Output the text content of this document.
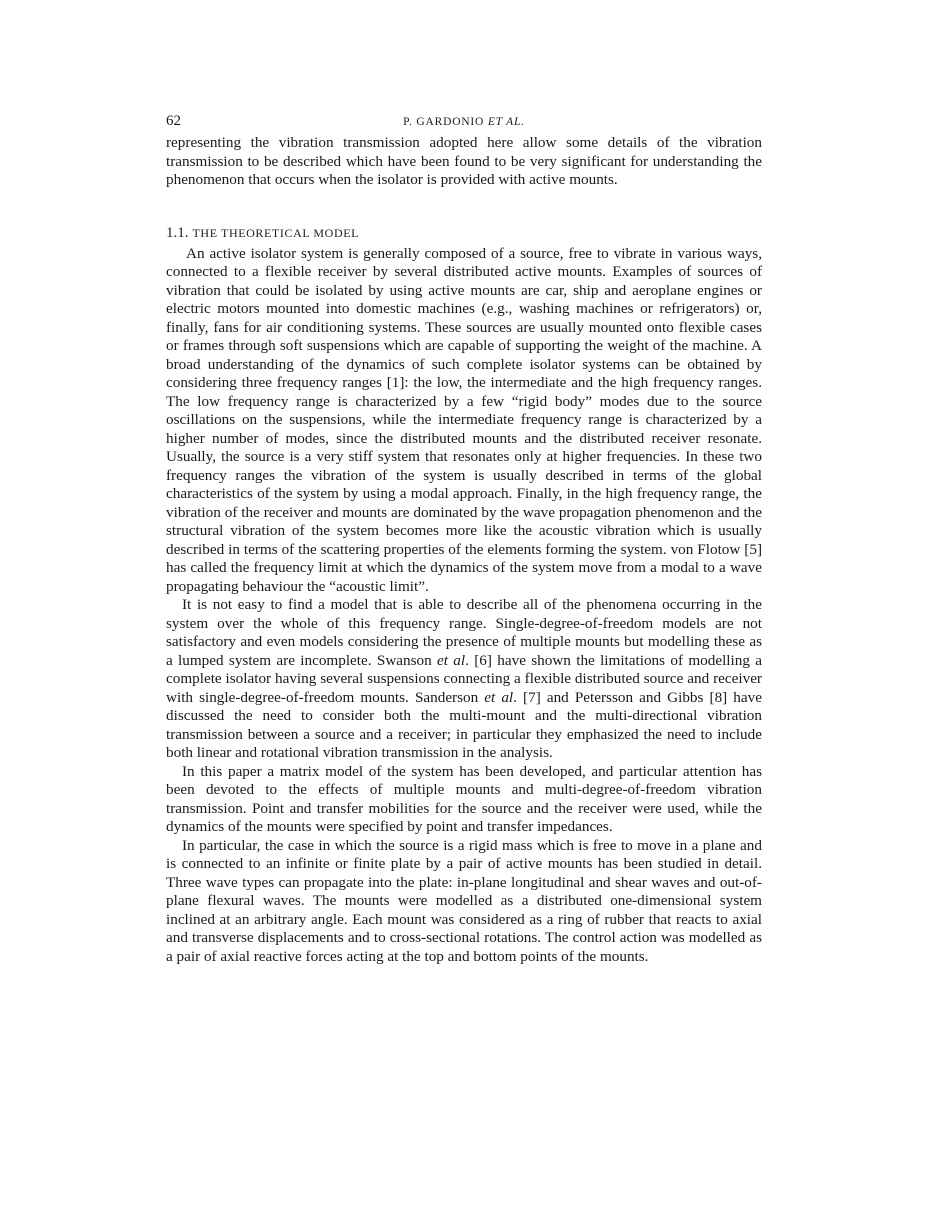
62	P. GARDONIO ET AL.

representing the vibration transmission adopted here allow some details of the vibration transmission to be described which have been found to be very significant for understanding the phenomenon that occurs when the isolator is provided with active mounts.

1.1. THE THEORETICAL MODEL

An active isolator system is generally composed of a source, free to vibrate in various ways, connected to a flexible receiver by several distributed active mounts. Examples of sources of vibration that could be isolated by using active mounts are car, ship and aeroplane engines or electric motors mounted into domestic machines (e.g., washing machines or refrigerators) or, finally, fans for air conditioning systems. These sources are usually mounted onto flexible cases or frames through soft suspensions which are capable of supporting the weight of the machine. A broad understanding of the dynamics of such complete isolator systems can be obtained by considering three frequency ranges [1]: the low, the intermediate and the high frequency ranges. The low frequency range is characterized by a few “rigid body” modes due to the source oscillations on the suspensions, while the intermediate frequency range is characterized by a higher number of modes, since the distributed mounts and the distributed receiver resonate. Usually, the source is a very stiff system that resonates only at higher frequencies. In these two frequency ranges the vibration of the system is usually described in terms of the global characteristics of the system by using a modal approach. Finally, in the high frequency range, the vibration of the receiver and mounts are dominated by the wave propagation phenomenon and the structural vibration of the system becomes more like the acoustic vibration which is usually described in terms of the scattering properties of the elements forming the system. von Flotow [5] has called the frequency limit at which the dynamics of the system move from a modal to a wave propagating behaviour the “acoustic limit”.

It is not easy to find a model that is able to describe all of the phenomena occurring in the system over the whole of this frequency range. Single-degree-of-freedom models are not satisfactory and even models considering the presence of multiple mounts but modelling these as a lumped system are incomplete. Swanson et al. [6] have shown the limitations of modelling a complete isolator having several suspensions connecting a flexible distributed source and receiver with single-degree-of-freedom mounts. Sanderson et al. [7] and Petersson and Gibbs [8] have discussed the need to consider both the multi-mount and the multi-directional vibration transmission between a source and a receiver; in particular they emphasized the need to include both linear and rotational vibration transmission in the analysis.

In this paper a matrix model of the system has been developed, and particular attention has been devoted to the effects of multiple mounts and multi-degree-of-freedom vibration transmission. Point and transfer mobilities for the source and the receiver were used, while the dynamics of the mounts were specified by point and transfer impedances.

In particular, the case in which the source is a rigid mass which is free to move in a plane and is connected to an infinite or finite plate by a pair of active mounts has been studied in detail. Three wave types can propagate into the plate: in-plane longitudinal and shear waves and out-of-plane flexural waves. The mounts were modelled as a distributed one-dimensional system inclined at an arbitrary angle. Each mount was considered as a ring of rubber that reacts to axial and transverse displacements and to cross-sectional rotations. The control action was modelled as a pair of axial reactive forces acting at the top and bottom points of the mounts.
